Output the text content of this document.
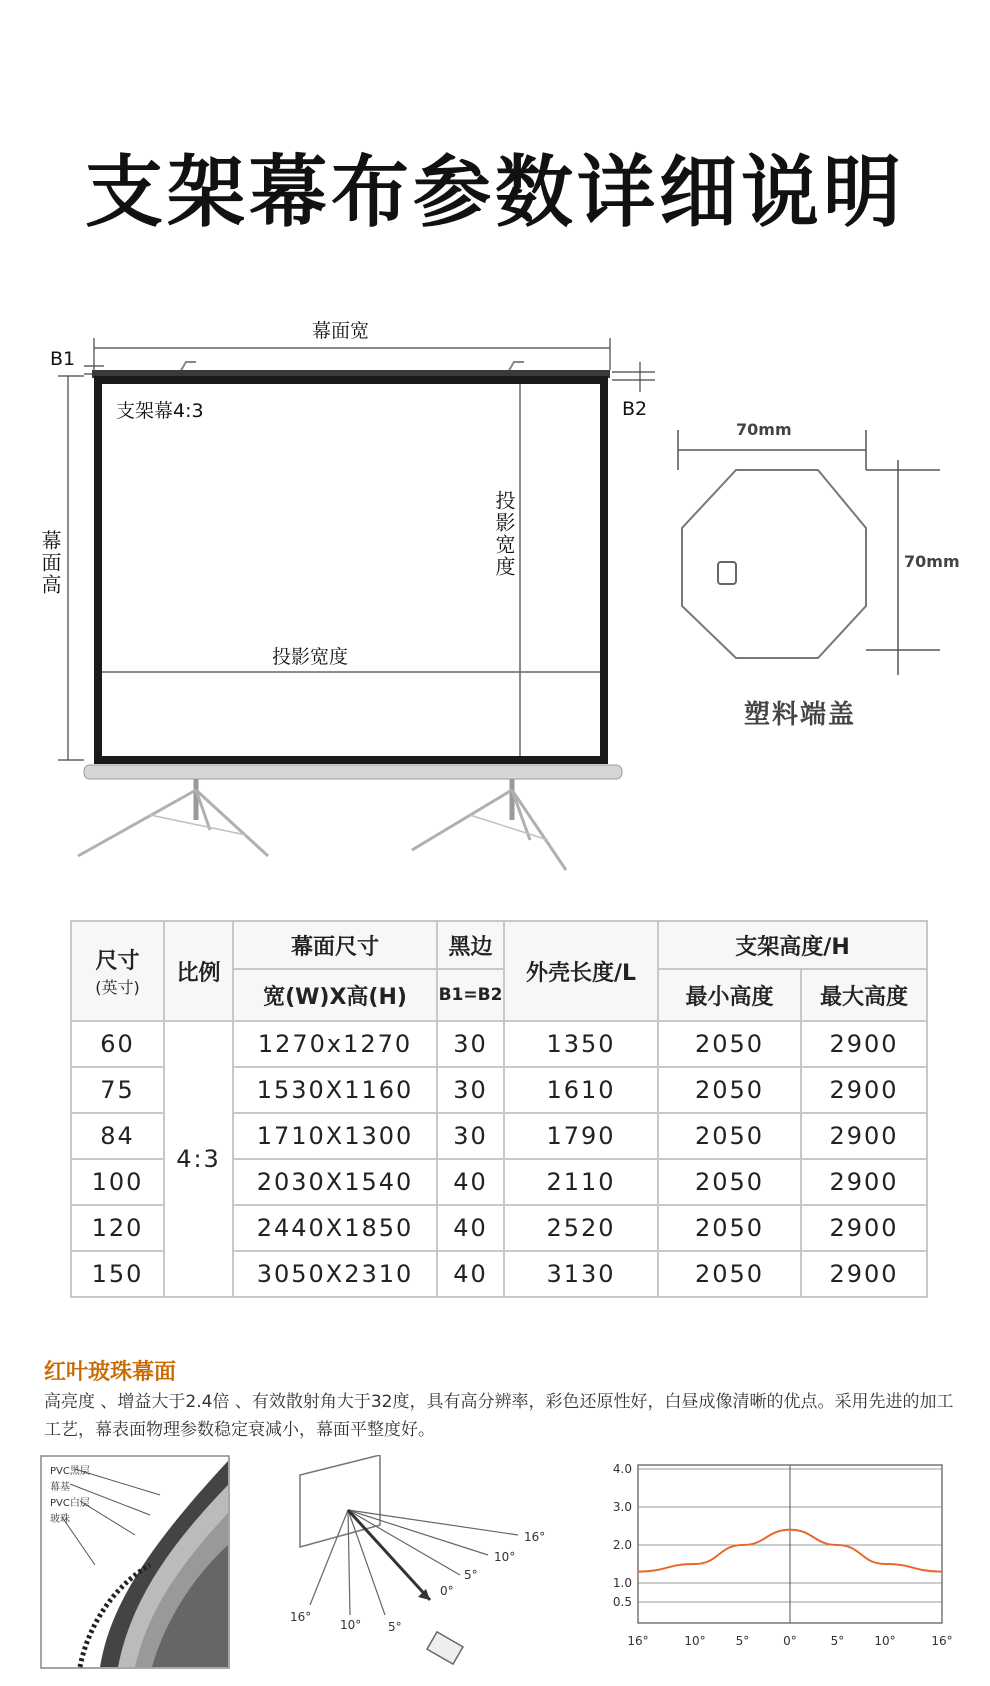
支架幕布参数详细说明
幕面宽
B1
B2
支架幕4:3
幕面高	投影宽度
投影宽度
70mm
70mm
塑料端盖
尺寸
(英寸)	比例	幕面尺寸	黑边	外壳长度/L	支架高度/H	
		宽(W)X高(H)	B1=B2		最小高度	最大高度
60	4:3	1270x1270	30	1350	2050	2900
75		1530X1160	30	1610	2050	2900
84		1710X1300	30	1790	2050	2900
100		2030X1540	40	2110	2050	2900
120		2440X1850	40	2520	2050	2900
150		3050X2310	40	3130	2050	2900
红叶玻珠幕面
高亮度 、增益大于2.4倍 、有效散射角大于32度，具有高分辨率，彩色还原性好，白昼成像清晰的优点。采用先进的加工工艺，幕表面物理参数稳定衰减小，幕面平整度好。
PVC黑层
幕基
PVC白层
玻珠
16°
10°
5°
0°
5°
10°
16°
4.0
3.0
2.0
1.0
0.5
16°	10°	5°	0°	5°	10°	16°
